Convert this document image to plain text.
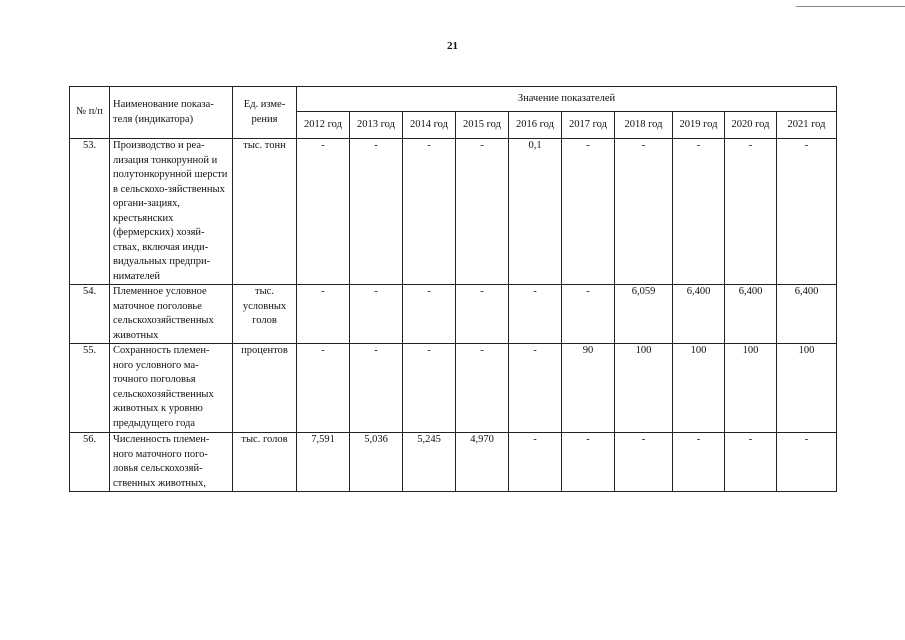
21
№ п/п	Наименование показа-теля (индикатора)	Ед. изме-рения	Значение показателей									
			2012 год	2013 год	2014 год	2015 год	2016 год	2017 год	2018 год	2019 год	2020 год	2021 год
53.	Производство и реа-лизация тонкорунной и полутонкорунной шерсти в сельскохо-зяйственных органи-зациях, крестьянских (фермерских) хозяй-ствах, включая инди-видуальных предпри-нимателей	тыс. тонн	-	-	-	-	0,1	-	-	-	-	-
54.	Племенное условное маточное поголовье сельскохозяйственных животных	тыс. условных голов	-	-	-	-	-	-	6,059	6,400	6,400	6,400
55.	Сохранность племен-ного условного ма-точного поголовья сельскохозяйственных животных к уровню предыдущего года	процентов	-	-	-	-	-	90	100	100	100	100
56.	Численность племен-ного маточного пого-ловья сельскохозяй-ственных животных,	тыс. голов	7,591	5,036	5,245	4,970	-	-	-	-	-	-
